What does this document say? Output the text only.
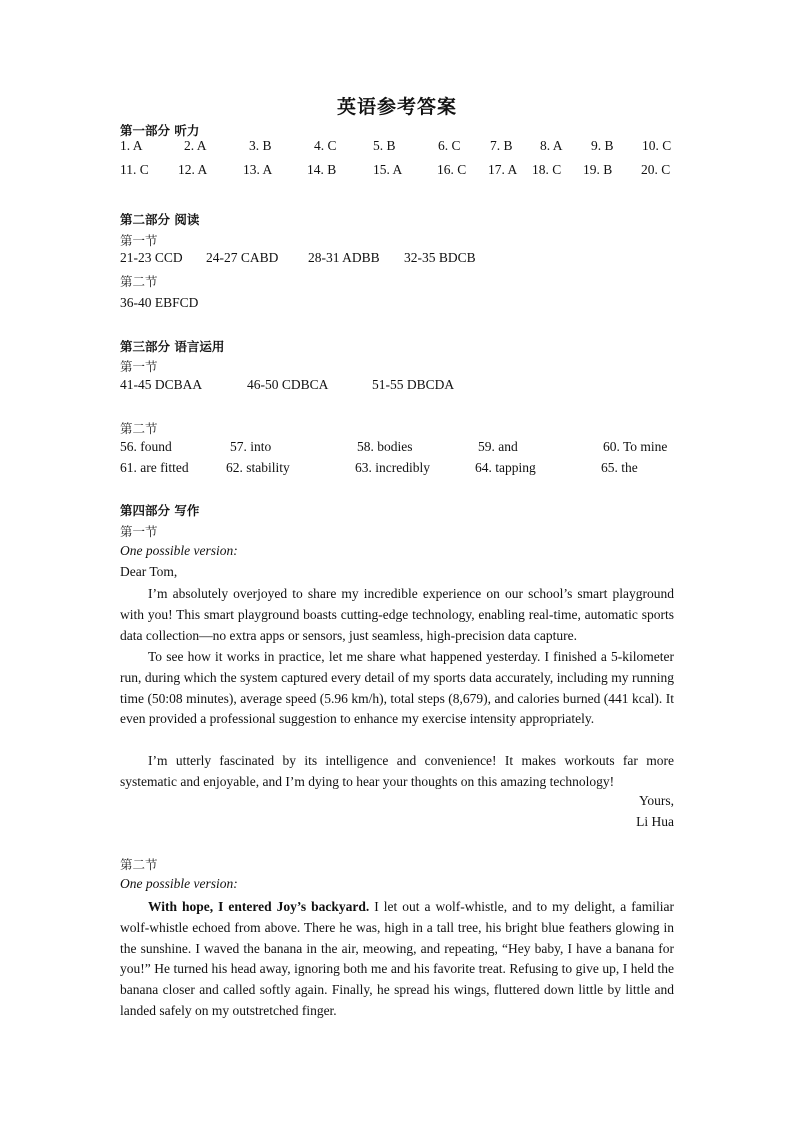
英语参考答案
第一部分 听力
1. A	2. A	3. B	4. C	5. B	6. C 7. B 8. A 9. B 10. C
11. C 12. A	13. A	14. B	15. A	16. C 17. A 18. C 19. B 20. C
第二部分 阅读
第一节
21-23 CCD 24-27 CABD 28-31 ADBB 32-35 BDCB
第二节
36-40 EBFCD
第三部分 语言运用
第一节
41-45 DCBAA	46-50 CDBCA	51-55 DBCDA
第二节
56. found	57. into	58. bodies	59. and	60. To mine
61. are fitted	62. stability	63. incredibly	64. tapping	65. the
第四部分 写作
第一节
One possible version:
Dear Tom,

I’m absolutely overjoyed to share my incredible experience on our school’s smart playground with you! This smart playground boasts cutting-edge technology, enabling real-time, automatic sports data collection—no extra apps or sensors, just seamless, high-precision data capture.

To see how it works in practice, let me share what happened yesterday. I finished a 5-kilometer run, during which the system captured every detail of my sports data accurately, including my running time (50:08 minutes), average speed (5.96 km/h), total steps (8,679), and calories burned (441 kcal). It even provided a professional suggestion to enhance my exercise intensity appropriately.

I’m utterly fascinated by its intelligence and convenience! It makes workouts far more systematic and enjoyable, and I’m dying to hear your thoughts on this amazing technology!

Yours,
Li Hua
第二节
One possible version:

With hope, I entered Joy’s backyard. I let out a wolf-whistle, and to my delight, a familiar wolf-whistle echoed from above. There he was, high in a tall tree, his bright blue feathers glowing in the sunshine. I waved the banana in the air, meowing, and repeating, “Hey baby, I have a banana for you!” He turned his head away, ignoring both me and his favorite treat. Refusing to give up, I held the banana closer and called softly again. Finally, he spread his wings, fluttered down little by little and landed safely on my outstretched finger.
